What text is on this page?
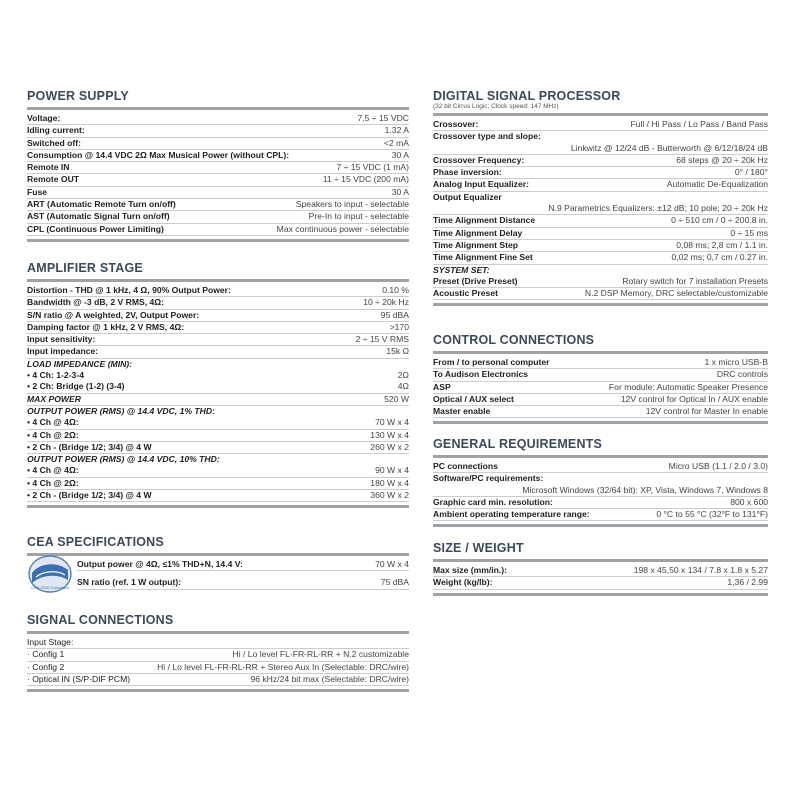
POWER SUPPLY
Voltage:	7.5 ÷ 15 VDC
Idling current:	1.32 A
Switched off:	<2 mA
Consumption @ 14.4 VDC 2Ω Max Musical Power (without CPL):	30 A
Remote IN	7 ÷ 15 VDC (1 mA)
Remote OUT	11 ÷ 15 VDC (200 mA)
Fuse	30 A
ART (Automatic Remote Turn on/off)	Speakers to input - selectable
AST (Automatic Signal Turn on/off)	Pre-In to input - selectable
CPL (Continuous Power Limiting)	Max continuous power - selectable
AMPLIFIER STAGE
Distortion - THD @ 1 kHz, 4 Ω, 90% Output Power:	0.10 %
Bandwidth @ -3 dB, 2 V RMS, 4Ω:	10 ÷ 20k Hz
S/N ratio @ A weighted, 2V, Output Power:	95 dBA
Damping factor @ 1 kHz, 2 V RMS, 4Ω:	>170
Input sensitivity:	2 ÷ 15 V RMS
Input impedance:	15k Ω
LOAD IMPEDANCE (MIN):
• 4 Ch: 1-2-3-4	2Ω
• 2 Ch: Bridge (1-2) (3-4)	4Ω
MAX POWER	520 W
OUTPUT POWER (RMS) @ 14.4 VDC, 1% THD:
• 4 Ch @ 4Ω:	70 W x 4
• 4 Ch @ 2Ω:	130 W x 4
• 2 Ch - (Bridge 1/2; 3/4) @ 4 W	260 W x 2
OUTPUT POWER (RMS) @ 14.4 VDC, 10% THD:
• 4 Ch @ 4Ω:	90 W x 4
• 4 Ch @ 2Ω:	180 W x 4
• 2 Ch - (Bridge 1/2; 3/4) @ 4 W	360 W x 2
CEA SPECIFICATIONS
CEA-2006 Compliant
Output power @ 4Ω, ≤1% THD+N, 14.4 V:	70 W x 4
SN ratio (ref. 1 W output):	75 dBA
SIGNAL CONNECTIONS
Input Stage:
· Config 1	Hi / Lo level FL-FR-RL-RR + N.2 customizable
· Config 2	Hi / Lo level FL-FR-RL-RR + Stereo Aux In (Selectable: DRC/wire)
· Optical IN (S/P-DIF PCM)	96 kHz/24 bit max (Selectable: DRC/wire)
DIGITAL SIGNAL PROCESSOR
(32 bit Cirrus Logic; Clock speed: 147 MHz)
Crossover:	Full / Hi Pass / Lo Pass / Band Pass
Crossover type and slope:
Linkwitz @ 12/24 dB - Butterworth @ 6/12/18/24 dB
Crossover Frequency:	68 steps @ 20 ÷ 20k Hz
Phase inversion:	0° / 180°
Analog Input Equalizer:	Automatic De-Equalization
Output Equalizer
N.9 Parametrics Equalizers: ±12 dB; 10 pole; 20 ÷ 20k Hz
Time Alignment Distance	0 ÷ 510 cm / 0 ÷ 200.8 in.
Time Alignment Delay	0 ÷ 15 ms
Time Alignment Step	0,08 ms; 2,8 cm / 1.1 in.
Time Alignment Fine Set	0,02 ms; 0,7 cm / 0.27 in.
SYSTEM SET:
Preset (Drive Preset)	Rotary switch for 7 installation Presets
Acoustic Preset	N.2 DSP Memory, DRC selectable/customizable
CONTROL CONNECTIONS
From / to personal computer	1 x micro USB-B
To Audison Electronics	DRC controls
ASP	For module: Automatic Speaker Presence
Optical / AUX select	12V control for Optical In / AUX enable
Master enable	12V control for Master In enable
GENERAL REQUIREMENTS
PC connections	Micro USB (1.1 / 2.0 / 3.0)
Software/PC requirements:
Microsoft Windows (32/64 bit): XP, Vista, Windows 7, Windows 8
Graphic card min. resolution:	800 x 600
Ambient operating temperature range:	0 °C to 55 °C (32°F to 131°F)
SIZE / WEIGHT
Max size (mm/in.):	198 x 45,50 x 134 / 7.8 x 1.8 x 5.27
Weight (kg/lb):	1,36 / 2.99
